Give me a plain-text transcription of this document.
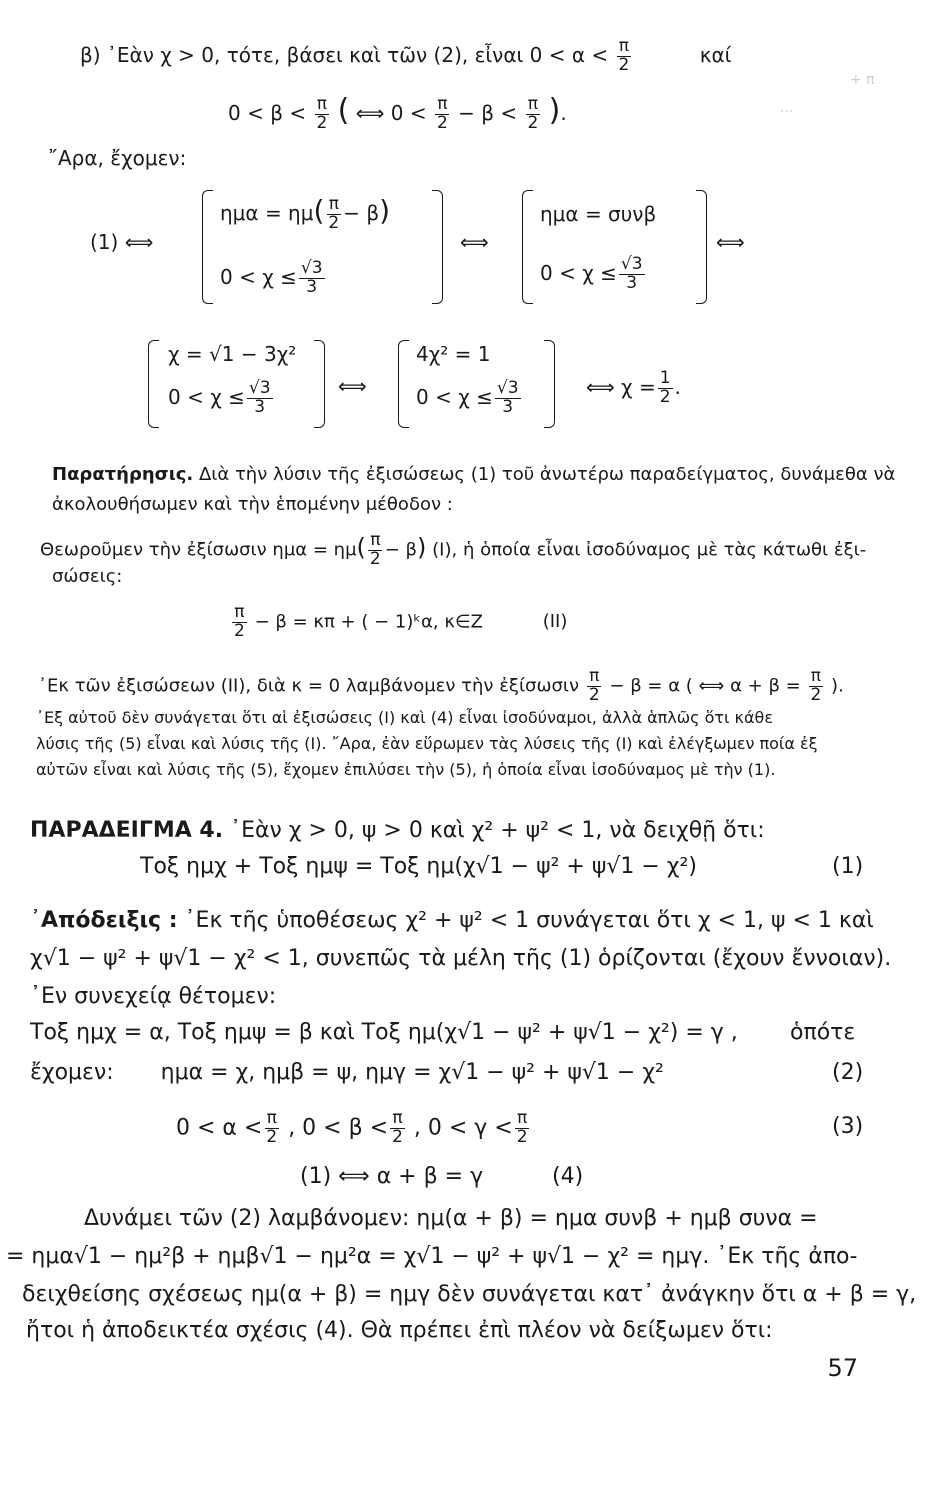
+ π
...
β) ᾿Εὰν χ > 0, τότε, βάσει καὶ τῶν (2), εἶναι $0 < \alpha < \frac{\pi}{2}$	καί
$0 < \beta < \frac{\pi}{2}$ ( ⟺ $0 < \frac{\pi}{2} - \beta < \frac{\pi}{2}$ ).
῎Αρα, ἔχομεν:
(1) ⟺
$\eta\mu\alpha = \eta\mu( \frac{\pi}{2} - \beta)$
$0 < \chi \le \frac{√3}{3}$
⟺
ημα = συνβ
$0 < \chi \le \frac{√3}{3}$
⟺
χ = √1 − 3χ²
$0 < \chi \le \frac{√3}{3}$	⟺
4χ² = 1
$0 < \chi \le \frac{√3}{3}$	⟺ $\chi = \frac{1}{2}$ .
Παρατήρησις. Διὰ τὴν λύσιν τῆς ἐξισώσεως (1) τοῦ ἀνωτέρω παραδείγματος, δυνάμεθα νὰ
ἀκολουθήσωμεν καὶ τὴν ἑπομένην μέθοδον :
Θεωροῦμεν τὴν ἐξίσωσιν $\eta\mu\alpha = \eta\mu( \frac{\pi}{2} - \beta)$ (I), ἡ ὁποία εἶναι ἰσοδύναμος μὲ τὰς κάτωθι ἐξι-
σώσεις:
$\frac{\pi}{2} - \beta = \kappa\pi$ + ( − 1)ᵏα, κ∈Z	(II)
᾿Εκ τῶν ἐξισώσεων (II), διὰ κ = 0 λαμβάνομεν τὴν ἐξίσωσιν $\frac{\pi}{2} - \beta = \alpha$ ( ⟺ $\alpha + \beta = \frac{\pi}{2}$ ).
᾿Εξ αὐτοῦ δὲν συνάγεται ὅτι αἱ ἐξισώσεις (I) καὶ (4) εἶναι ἰσοδύναμοι, ἀλλὰ ἁπλῶς ὅτι κάθε
λύσις τῆς (5) εἶναι καὶ λύσις τῆς (I). ῎Αρα, ἐὰν εὕρωμεν τὰς λύσεις τῆς (I) καὶ ἐλέγξωμεν ποία ἐξ
αὐτῶν εἶναι καὶ λύσις τῆς (5), ἔχομεν ἐπιλύσει τὴν (5), ἡ ὁποία εἶναι ἰσοδύναμος μὲ τὴν (1).
ΠΑΡΑΔΕΙΓΜΑ 4. ᾿Εὰν χ > 0, ψ > 0 καὶ χ² + ψ² < 1, νὰ δειχθῇ ὅτι:
Τοξ ημχ + Τοξ ημψ = Τοξ ημ(χ√1 − ψ² + ψ√1 − χ²)	(1)
᾿Απόδειξις : ᾿Εκ τῆς ὑποθέσεως χ² + ψ² < 1 συνάγεται ὅτι χ < 1, ψ < 1 καὶ
χ√1 − ψ² + ψ√1 − χ² < 1, συνεπῶς τὰ μέλη τῆς (1) ὁρίζονται (ἔχουν ἔννοιαν).
᾿Εν συνεχείᾳ θέτομεν:
Τοξ ημχ = α, Τοξ ημψ = β καὶ Τοξ ημ(χ√1 − ψ² + ψ√1 − χ²) = γ , ὁπότε
ἔχομεν: ημα = χ, ημβ = ψ, ημγ = χ√1 − ψ² + ψ√1 − χ²	(2)
$0 < \alpha < \frac{\pi}{2}$ , $0 < \beta < \frac{\pi}{2}$ , $0 < \gamma < \frac{\pi}{2}$	(3)
(1) ⟺ α + β = γ	(4)
Δυνάμει τῶν (2) λαμβάνομεν: ημ(α + β) = ημα συνβ + ημβ συνα =
= ημα√1 − ημ²β + ημβ√1 − ημ²α = χ√1 − ψ² + ψ√1 − χ² = ημγ. ᾿Εκ τῆς ἀπο-
δειχθείσης σχέσεως ημ(α + β) = ημγ δὲν συνάγεται κατ᾿ ἀνάγκην ὅτι α + β = γ,
ἤτοι ἡ ἀποδεικτέα σχέσις (4). Θὰ πρέπει ἐπὶ πλέον νὰ δείξωμεν ὅτι:
57
